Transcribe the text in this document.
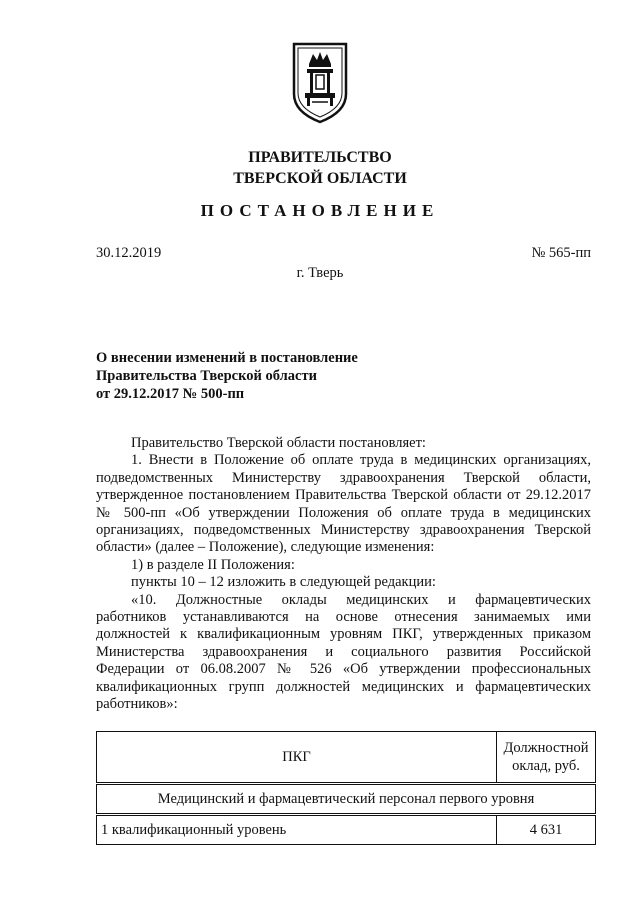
ПРАВИТЕЛЬСТВО
ТВЕРСКОЙ ОБЛАСТИ
ПОСТАНОВЛЕНИЕ
30.12.2019	№ 565-пп
г. Тверь
О внесении изменений в постановление
Правительства Тверской области
от 29.12.2017 № 500-пп

Правительство Тверской области постановляет:

1. Внести в Положение об оплате труда в медицинских организациях,

подведомственных Министерству здравоохранения Тверской области,

утвержденное постановлением Правительства Тверской области от 29.12.2017

№ 500-пп «Об утверждении Положения об оплате труда в медицинских

организациях, подведомственных Министерству здравоохранения Тверской

области» (далее – Положение), следующие изменения:

1) в разделе II Положения:

пункты 10 – 12 изложить в следующей редакции:

«10. Должностные оклады медицинских и фармацевтических

работников устанавливаются на основе отнесения занимаемых ими

должностей к квалификационным уровням ПКГ, утвержденных приказом

Министерства здравоохранения и социального развития Российской

Федерации от 06.08.2007 № 526 «Об утверждении профессиональных

квалификационных групп должностей медицинских и фармацевтических

работников»:

ПКГ	Должностной
оклад, руб.

Медицинский и фармацевтический персонал первого уровня	
1 квалификационный уровень	4 631
